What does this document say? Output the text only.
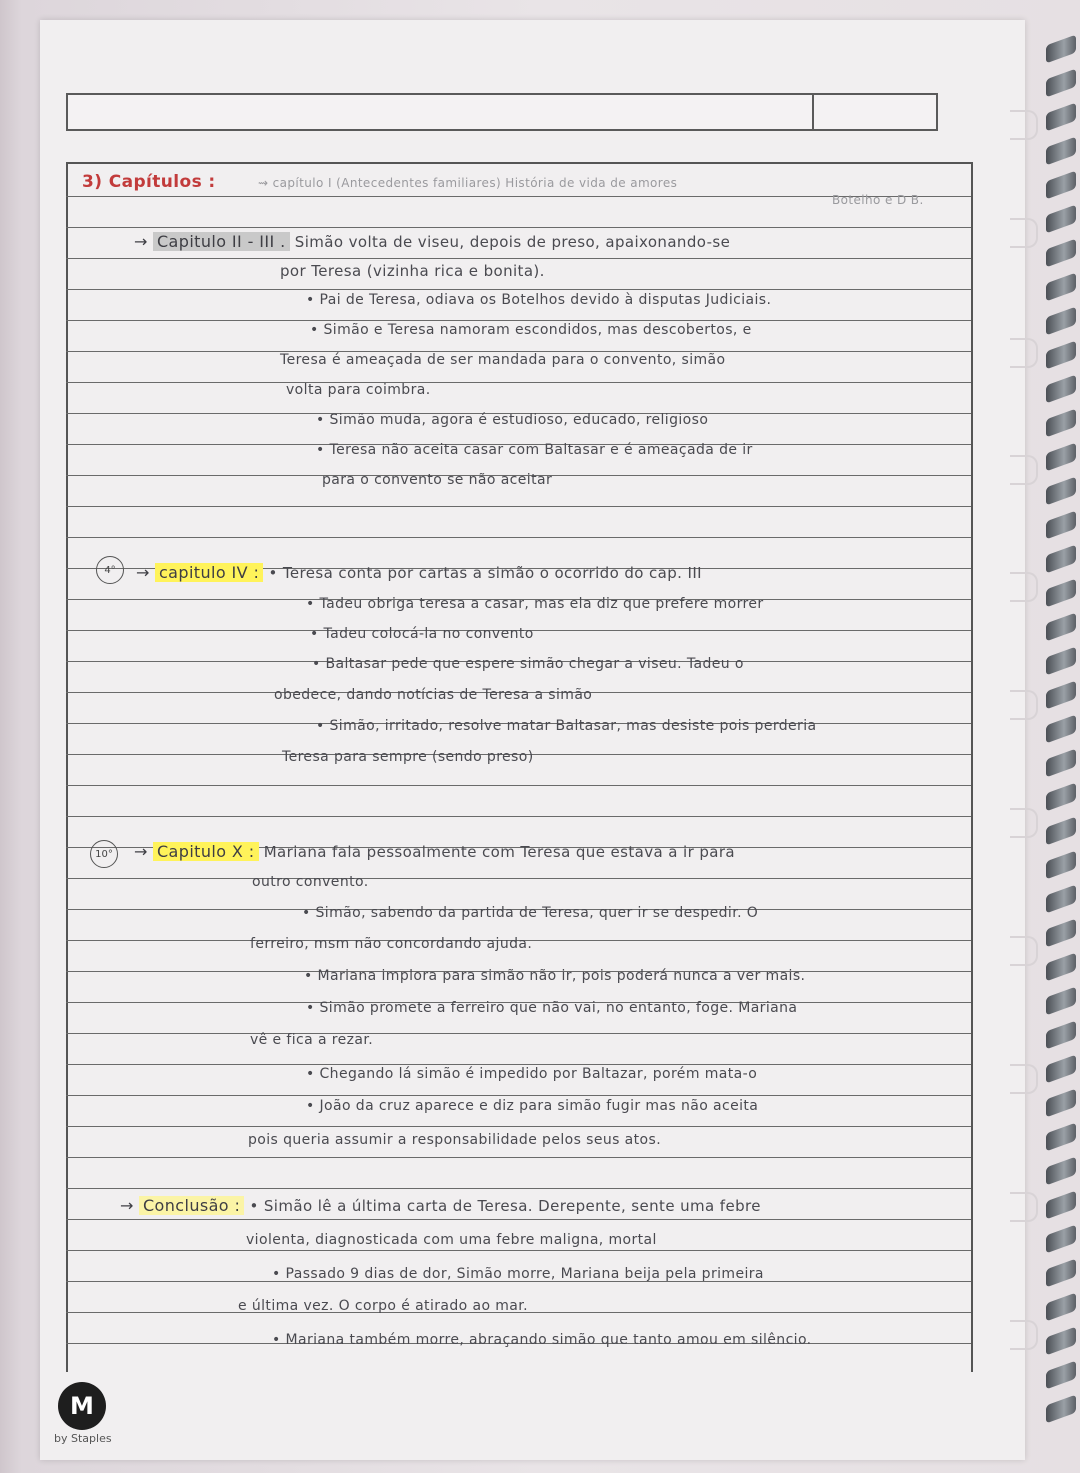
3) Capítulos :	⇝ capítulo I (Antecedentes familiares) História de vida de amores
Botelho e D B.
→ Capitulo II - III . Simão volta de viseu, depois de preso, apaixonando-se
por Teresa (vizinha rica e bonita).
• Pai de Teresa, odiava os Botelhos devido à disputas Judiciais.
• Simão e Teresa namoram escondidos, mas descobertos, e
Teresa é ameaçada de ser mandada para o convento, simão
volta para coimbra.
• Simão muda, agora é estudioso, educado, religioso
• Teresa não aceita casar com Baltasar e é ameaçada de ir
para o convento se não aceitar
4°	→ capitulo IV : • Teresa conta por cartas a simão o ocorrido do cap. III
• Tadeu obriga teresa a casar, mas ela diz que prefere morrer
• Tadeu colocá-la no convento
• Baltasar pede que espere simão chegar a viseu. Tadeu o
obedece, dando notícias de Teresa a simão
• Simão, irritado, resolve matar Baltasar, mas desiste pois perderia
Teresa para sempre (sendo preso)
10°	→ Capitulo X : Mariana fala pessoalmente com Teresa que estava a ir para
outro convento.
• Simão, sabendo da partida de Teresa, quer ir se despedir. O
ferreiro, msm não concordando ajuda.
• Mariana implora para simão não ir, pois poderá nunca a ver mais.
• Simão promete a ferreiro que não vai, no entanto, foge. Mariana
vê e fica a rezar.
• Chegando lá simão é impedido por Baltazar, porém mata-o
• João da cruz aparece e diz para simão fugir mas não aceita
pois queria assumir a responsabilidade pelos seus atos.
→ Conclusão : • Simão lê a última carta de Teresa. Derepente, sente uma febre
violenta, diagnosticada com uma febre maligna, mortal
• Passado 9 dias de dor, Simão morre, Mariana beija pela primeira
e última vez. O corpo é atirado ao mar.
• Mariana também morre, abraçando simão que tanto amou em silêncio.
M
by Staples
